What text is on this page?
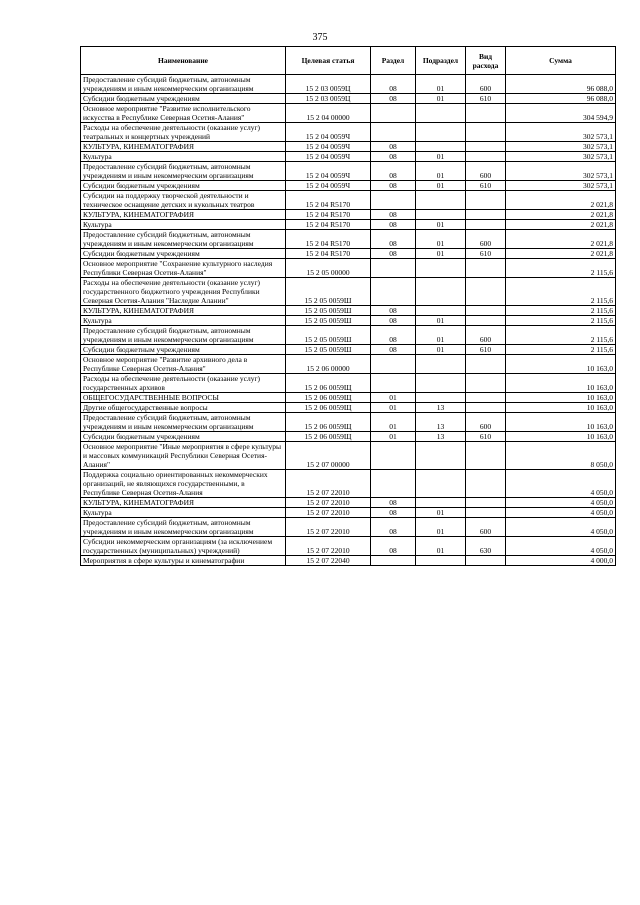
375
Наименование	Целевая статья	Раздел	Подраздел	Вид расхода	Сумма
Предоставление субсидий бюджетным, автономным учреждениям и иным некоммерческим организациям	15 2 03 0059Ц	08	01	600	96 088,0
Субсидии бюджетным учреждениям	15 2 03 0059Ц	08	01	610	96 088,0
Основное мероприятие "Развитие исполнительского искусства в Республике Северная Осетия-Алания"	15 2 04 00000				304 594,9
Расходы на обеспечение деятельности (оказание услуг) театральных и концертных учреждений	15 2 04 0059Ч				302 573,1
КУЛЬТУРА, КИНЕМАТОГРАФИЯ	15 2 04 0059Ч	08			302 573,1
Культура	15 2 04 0059Ч	08	01		302 573,1
Предоставление субсидий бюджетным, автономным учреждениям и иным некоммерческим организациям	15 2 04 0059Ч	08	01	600	302 573,1
Субсидии бюджетным учреждениям	15 2 04 0059Ч	08	01	610	302 573,1
Субсидии на поддержку творческой деятельности и техническое оснащение детских и кукольных театров	15 2 04 R5170				2 021,8
КУЛЬТУРА, КИНЕМАТОГРАФИЯ	15 2 04 R5170	08			2 021,8
Культура	15 2 04 R5170	08	01		2 021,8
Предоставление субсидий бюджетным, автономным учреждениям и иным некоммерческим организациям	15 2 04 R5170	08	01	600	2 021,8
Субсидии бюджетным учреждениям	15 2 04 R5170	08	01	610	2 021,8
Основное мероприятие "Сохранение культурного наследия Республики Северная Осетия-Алания"	15 2 05 00000				2 115,6
Расходы на обеспечение деятельности (оказание услуг) государственного бюджетного учреждения Республики Северная Осетия-Алания "Наследие Алании"	15 2 05 0059Ш				2 115,6
КУЛЬТУРА, КИНЕМАТОГРАФИЯ	15 2 05 0059Ш	08			2 115,6
Культура	15 2 05 0059Ш	08	01		2 115,6
Предоставление субсидий бюджетным, автономным учреждениям и иным некоммерческим организациям	15 2 05 0059Ш	08	01	600	2 115,6
Субсидии бюджетным учреждениям	15 2 05 0059Ш	08	01	610	2 115,6
Основное мероприятие "Развитие архивного дела в Республике Северная Осетия-Алания"	15 2 06 00000				10 163,0
Расходы на обеспечение деятельности (оказание услуг) государственных архивов	15 2 06 0059Щ				10 163,0
ОБЩЕГОСУДАРСТВЕННЫЕ ВОПРОСЫ	15 2 06 0059Щ	01			10 163,0
Другие общегосударственные вопросы	15 2 06 0059Щ	01	13		10 163,0
Предоставление субсидий бюджетным, автономным учреждениям и иным некоммерческим организациям	15 2 06 0059Щ	01	13	600	10 163,0
Субсидии бюджетным учреждениям	15 2 06 0059Щ	01	13	610	10 163,0
Основное мероприятие "Иные мероприятия в сфере культуры и массовых коммуникаций Республики Северная Осетия-Алания"	15 2 07 00000				8 050,0
Поддержка социально ориентированных некоммерческих организаций, не являющихся государственными, в Республике Северная Осетия-Алания	15 2 07 22010				4 050,0
КУЛЬТУРА, КИНЕМАТОГРАФИЯ	15 2 07 22010	08			4 050,0
Культура	15 2 07 22010	08	01		4 050,0
Предоставление субсидий бюджетным, автономным учреждениям и иным некоммерческим организациям	15 2 07 22010	08	01	600	4 050,0
Субсидии некоммерческим организациям (за исключением государственных (муниципальных) учреждений)	15 2 07 22010	08	01	630	4 050,0
Мероприятия в сфере культуры и кинематографии	15 2 07 22040				4 000,0
